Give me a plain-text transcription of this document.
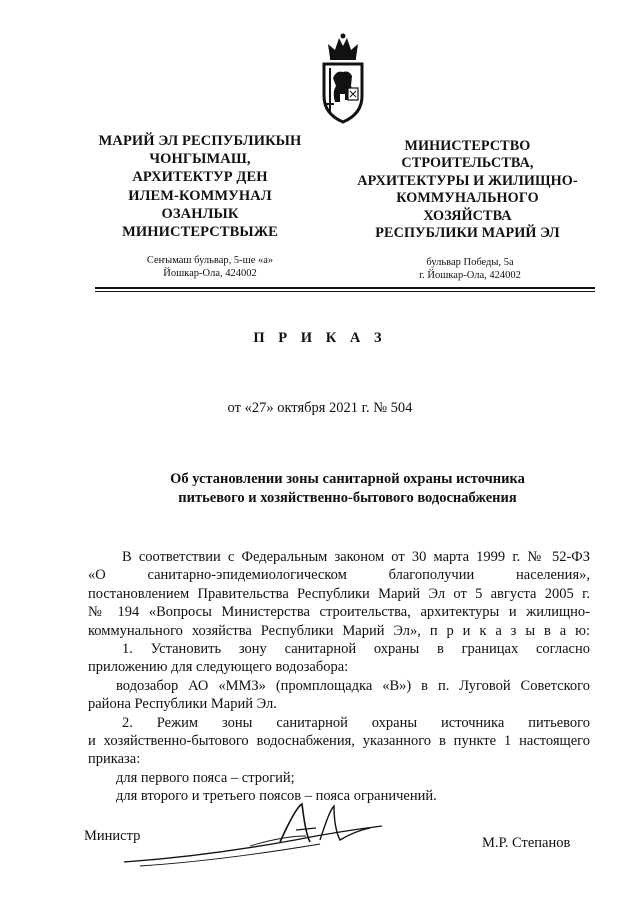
МАРИЙ ЭЛ РЕСПУБЛИКЫН
ЧОНГЫМАШ,
АРХИТЕКТУР ДЕН
ИЛЕМ-КОММУНАЛ
ОЗАНЛЫК
МИНИСТЕРСТВЫЖЕ
МИНИСТЕРСТВО
СТРОИТЕЛЬСТВА,
АРХИТЕКТУРЫ И ЖИЛИЩНО-
КОММУНАЛЬНОГО
ХОЗЯЙСТВА
РЕСПУБЛИКИ МАРИЙ ЭЛ
Сеҥымаш бульвар, 5-ше «а»
Йошкар-Ола, 424002
бульвар Победы, 5а
г. Йошкар-Ола, 424002
П Р И К А З
от «27» октября 2021 г. № 504
Об установлении зоны санитарной охраны источника
питьевого и хозяйственно-бытового водоснабжения

В соответствии с Федеральным законом от 30 марта 1999 г. № 52-ФЗ

«О санитарно-эпидемиологическом благополучии населения»,

постановлением Правительства Республики Марий Эл от 5 августа 2005 г.

№ 194 «Вопросы Министерства строительства, архитектуры и жилищно-

коммунального хозяйства Республики Марий Эл», п р и к а з ы в а ю:

1. Установить зону санитарной охраны в границах согласно

приложению для следующего водозабора:

водозабор АО «ММЗ» (промплощадка «В») в п. Луговой Советского

района Республики Марий Эл.

2. Режим зоны санитарной охраны источника питьевого

и хозяйственно-бытового водоснабжения, указанного в пункте 1 настоящего

приказа:

для первого пояса – строгий;

для второго и третьего поясов – пояса ограничений.

Министр	М.Р. Степанов
